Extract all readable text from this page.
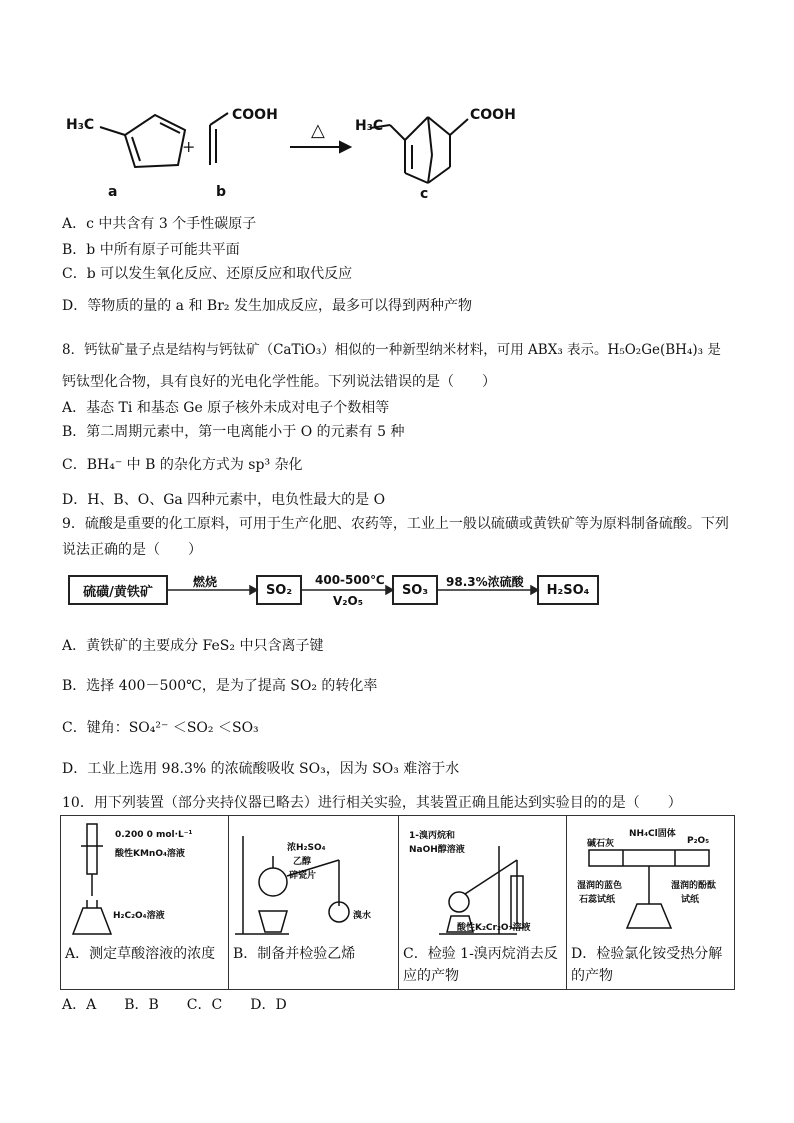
H₃C
+
COOH
△ H₃C
COOH
a	b	c
A．c 中共含有 3 个手性碳原子
B．b 中所有原子可能共平面
C．b 可以发生氧化反应、还原反应和取代反应
D．等物质的量的 a 和 Br₂ 发生加成反应，最多可以得到两种产物
8．钙钛矿量子点是结构与钙钛矿（CaTiO₃）相似的一种新型纳米材料，可用 ABX₃ 表示。H₅O₂Ge(BH₄)₃ 是
钙钛型化合物，具有良好的光电化学性能。下列说法错误的是（　　）
A．基态 Ti 和基态 Ge 原子核外未成对电子个数相等
B．第二周期元素中，第一电离能小于 O 的元素有 5 种
C．BH₄⁻ 中 B 的杂化方式为 sp³ 杂化
D．H、B、O、Ga 四种元素中，电负性最大的是 O
9．硫酸是重要的化工原料，可用于生产化肥、农药等，工业上一般以硫磺或黄铁矿等为原料制备硫酸。下列
说法正确的是（　　）
硫磺/黄铁矿	SO₂	SO₃	H₂SO₄
燃烧	400-500℃
V₂O₅
98.3%浓硫酸
A．黄铁矿的主要成分 FeS₂ 中只含离子键
B．选择 400－500℃，是为了提高 SO₂ 的转化率
C．键角：SO₄²⁻ ＜SO₂ ＜SO₃
D．工业上选用 98.3% 的浓硫酸吸收 SO₃，因为 SO₃ 难溶于水
10．用下列装置（部分夹持仪器已略去）进行相关实验，其装置正确且能达到实验目的的是（　　）
0.200 0 mol·L⁻¹
酸性KMnO₄溶液
H₂C₂O₄溶液
A．测定草酸溶液的浓度

浓H₂SO₄
乙醇
碎瓷片
溴水
B．制备并检验乙烯

1-溴丙烷和
NaOH醇溶液
酸性K₂Cr₂O₇溶液
C．检验 1-溴丙烷消去反应的产物

NH₄Cl固体
碱石灰	P₂O₅
湿润的蓝色
石蕊试纸
湿润的酚酞
试纸
D．检验氯化铵受热分解的产物
A．A　　B．B　　C．C　　D．D
